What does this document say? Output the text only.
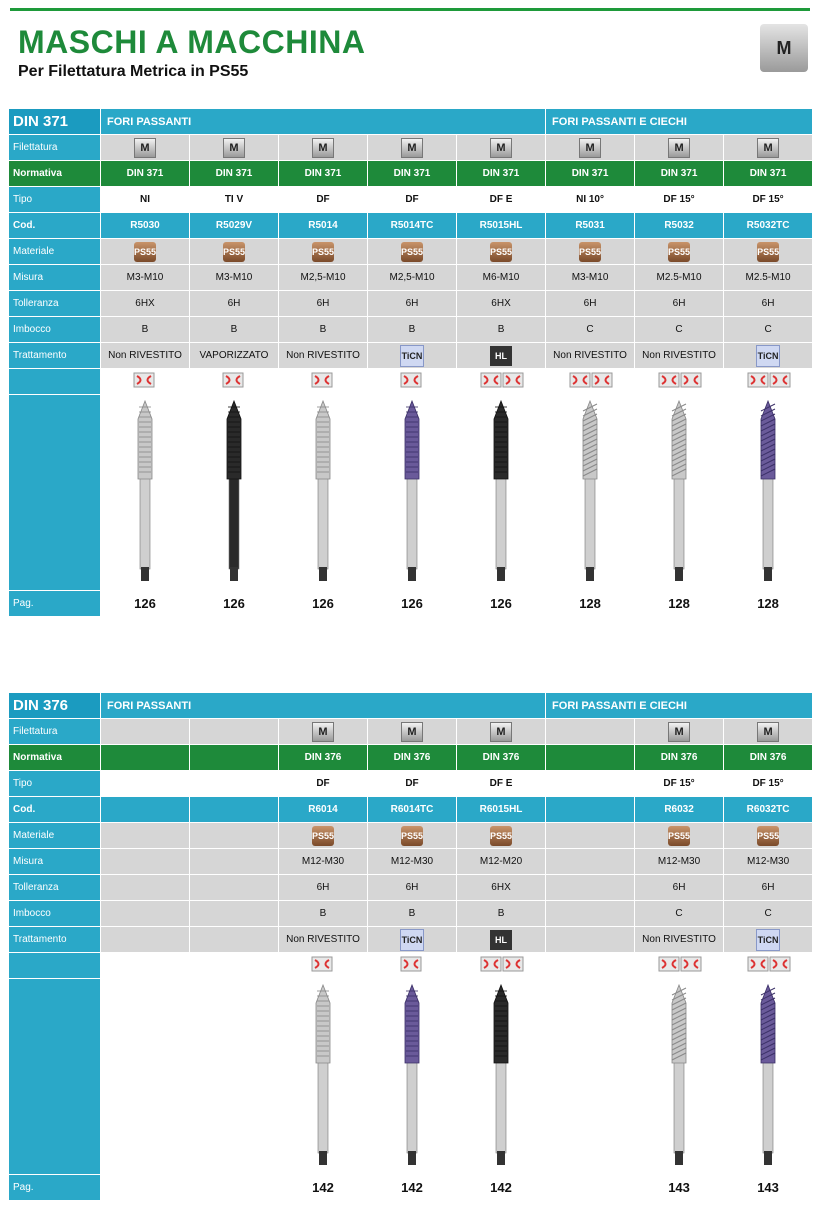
MASCHI A MACCHINA
Per Filettatura Metrica in PS55
M
DIN 371	FORI PASSANTI					FORI PASSANTI E CIECHI		
Filettatura	M	M	M	M	M	M	M	M
Normativa	DIN 371	DIN 371	DIN 371	DIN 371	DIN 371	DIN 371	DIN 371	DIN 371
Tipo	NI	TI V	DF	DF	DF E	NI 10°	DF 15°	DF 15°
Cod.	R5030	R5029V	R5014	R5014TC	R5015HL	R5031	R5032	R5032TC
Materiale	PS55	PS55	PS55	PS55	PS55	PS55	PS55	PS55
Misura	M3-M10	M3-M10	M2,5-M10	M2,5-M10	M6-M10	M3-M10	M2.5-M10	M2.5-M10
Tolleranza	6HX	6H	6H	6H	6HX	6H	6H	6H
Imbocco	B	B	B	B	B	C	C	C
Trattamento	Non RIVESTITO	VAPORIZZATO	Non RIVESTITO	TiCN	HL	Non RIVESTITO	Non RIVESTITO	TiCN

Pag.	126	126	126	126	126	128	128	128
DIN 376	FORI PASSANTI					FORI PASSANTI E CIECHI		
Filettatura			M	M	M		M	M
Normativa			DIN 376	DIN 376	DIN 376		DIN 376	DIN 376
Tipo			DF	DF	DF E		DF 15°	DF 15°
Cod.			R6014	R6014TC	R6015HL		R6032	R6032TC
Materiale			PS55	PS55	PS55		PS55	PS55
Misura			M12-M30	M12-M30	M12-M20		M12-M30	M12-M30
Tolleranza			6H	6H	6HX		6H	6H
Imbocco			B	B	B		C	C
Trattamento			Non RIVESTITO	TiCN	HL		Non RIVESTITO	TiCN

Pag.			142	142	142		143	143
